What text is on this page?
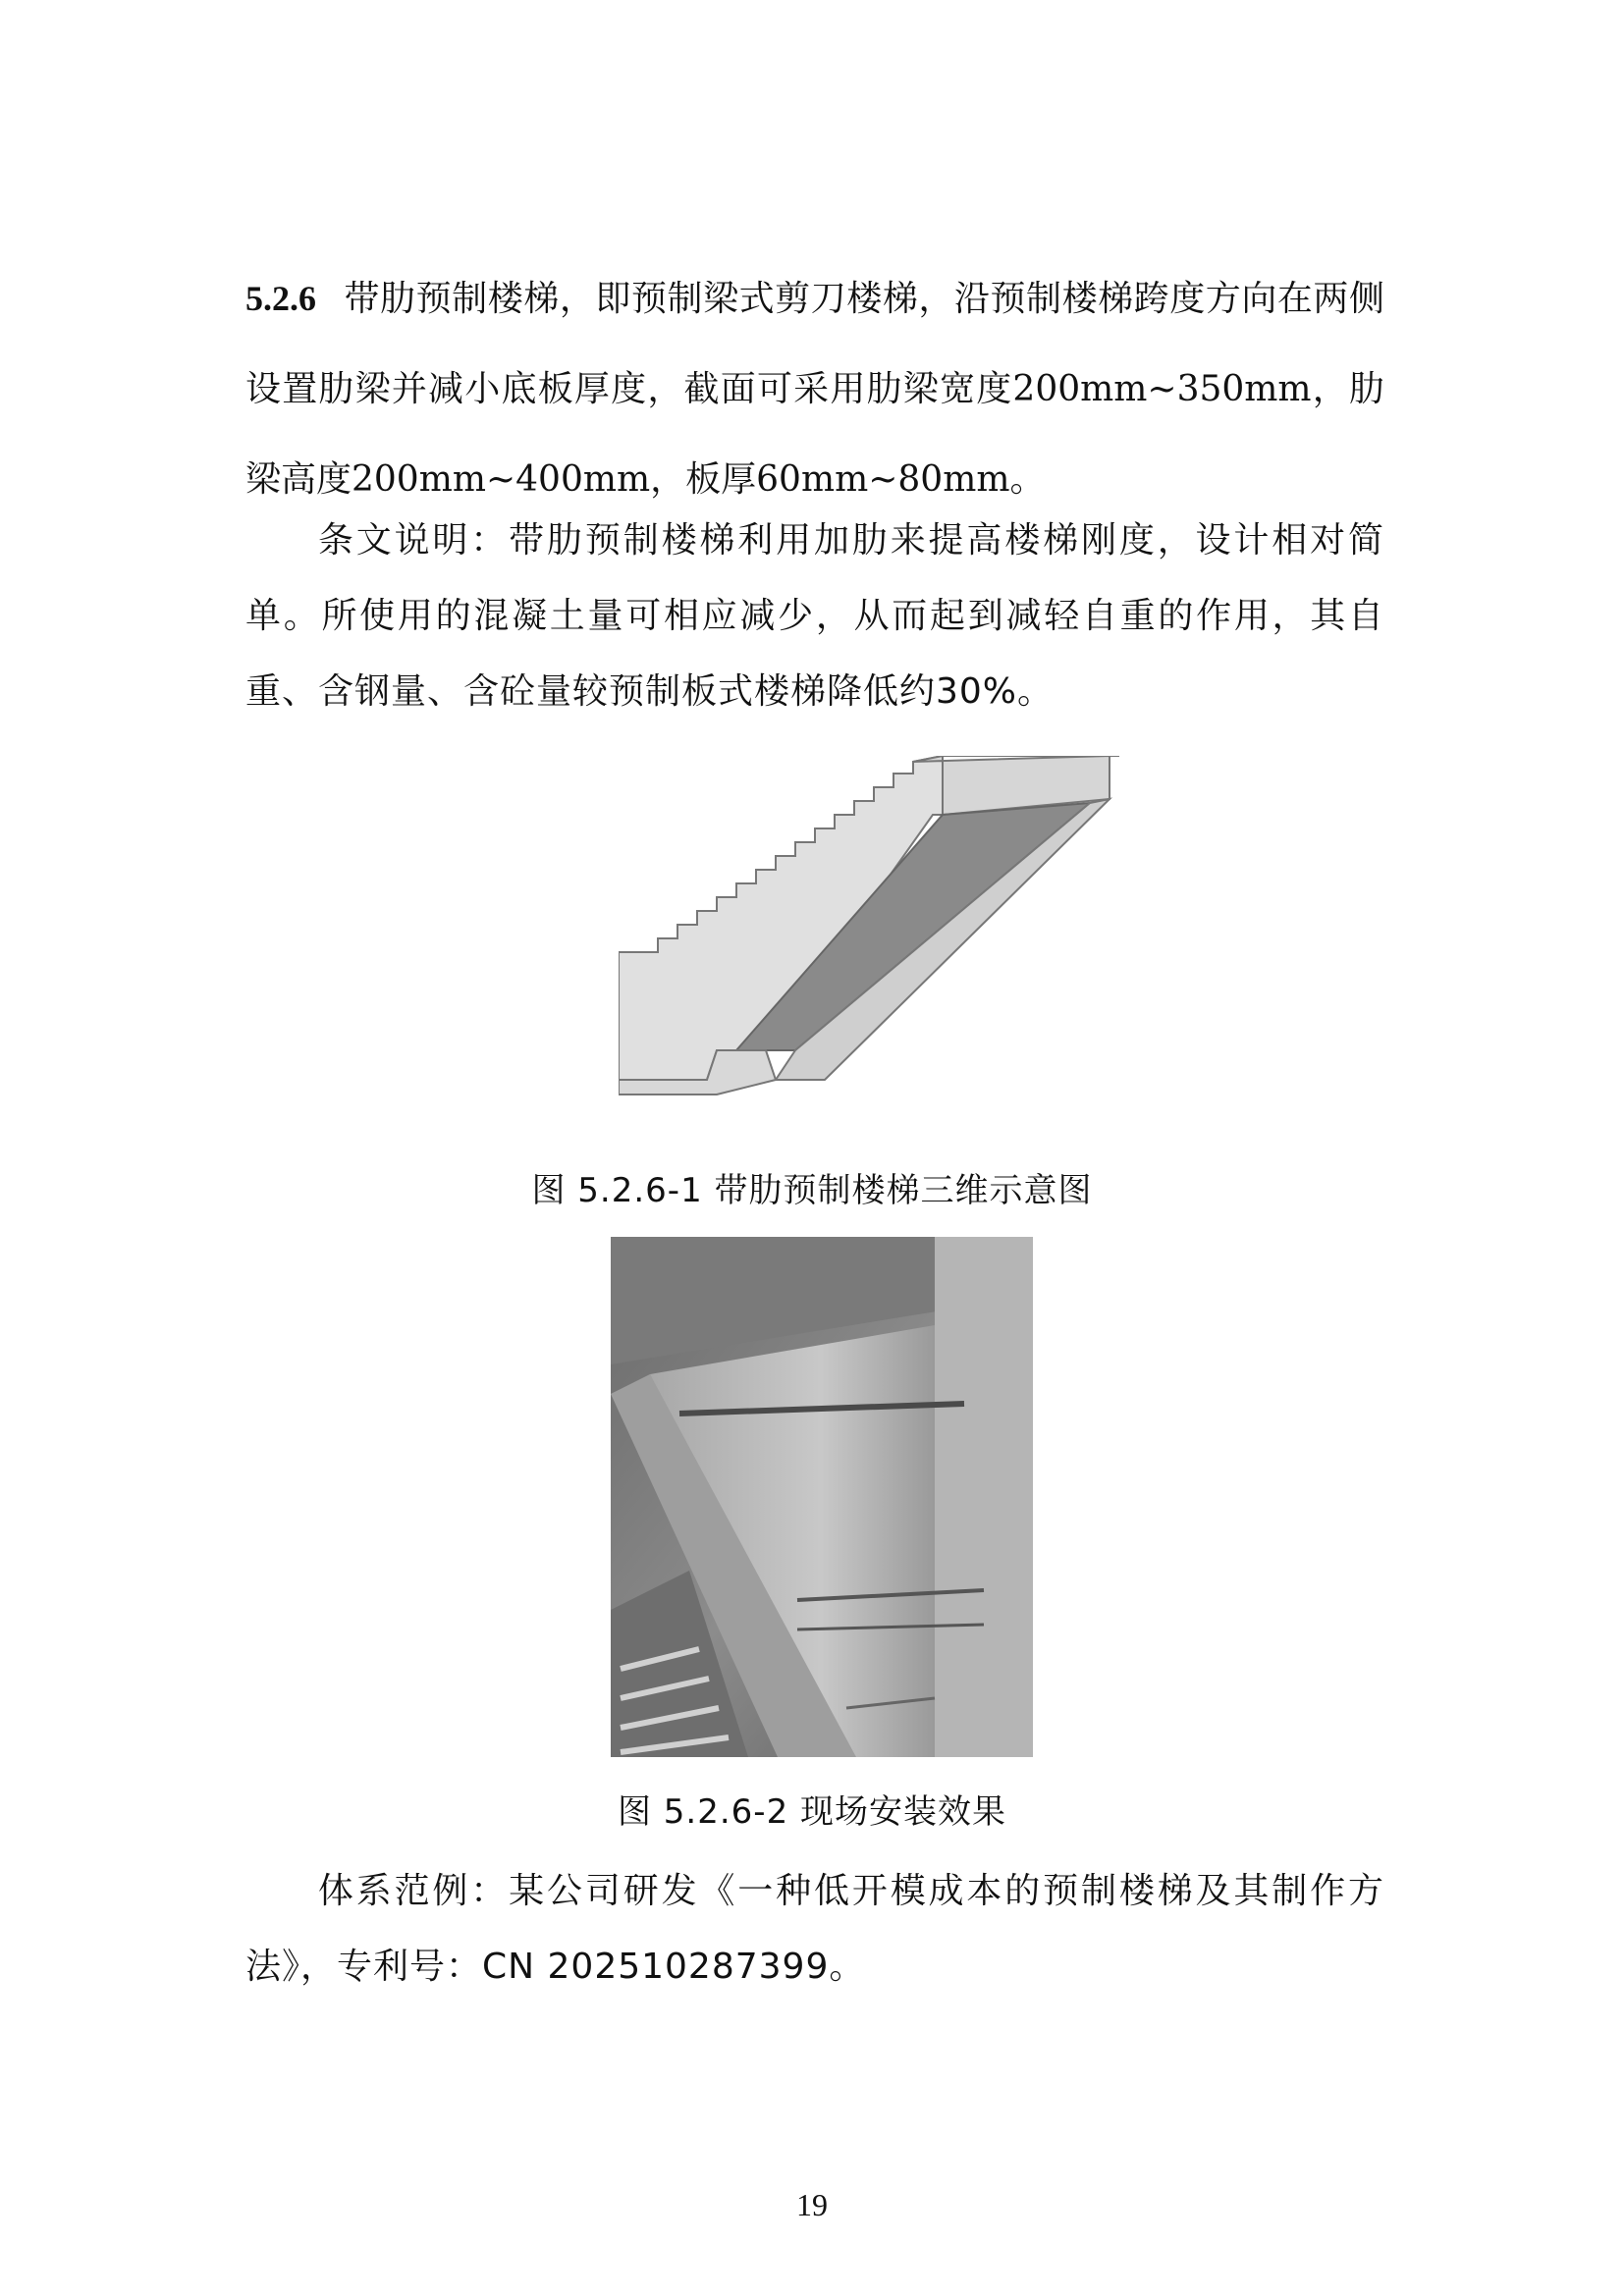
5.2.6 带肋预制楼梯，即预制梁式剪刀楼梯，沿预制楼梯跨度方向在两侧设置肋梁并减小底板厚度，截面可采用肋梁宽度200mm~350mm，肋梁高度200mm~400mm，板厚60mm~80mm。
条文说明：带肋预制楼梯利用加肋来提高楼梯刚度，设计相对简单。所使用的混凝土量可相应减少，从而起到减轻自重的作用，其自重、含钢量、含砼量较预制板式楼梯降低约30%。
图 5.2.6-1 带肋预制楼梯三维示意图
图 5.2.6-2 现场安装效果
体系范例：某公司研发《一种低开模成本的预制楼梯及其制作方法》，专利号：CN 202510287399。
19
